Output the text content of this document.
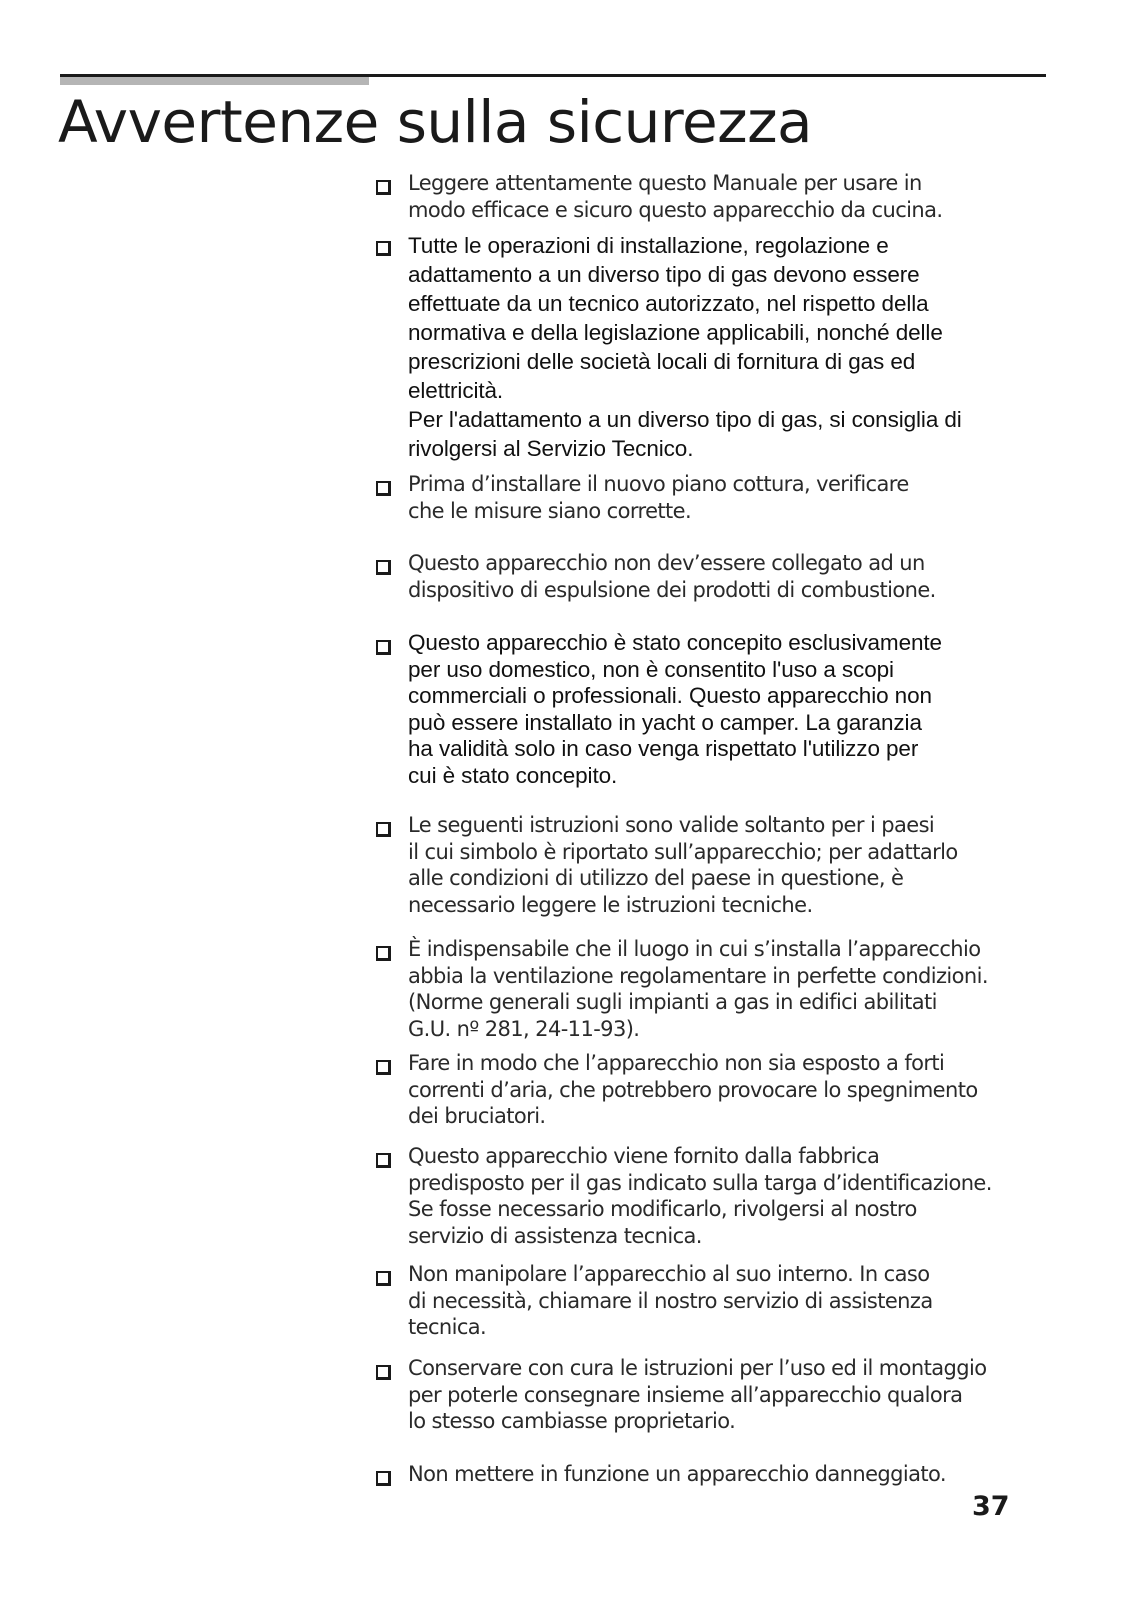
Avvertenze sulla sicurezza
Leggere attentamente questo Manuale per usare in
modo efficace e sicuro questo apparecchio da cucina.
Tutte le operazioni di installazione, regolazione e
adattamento a un diverso tipo di gas devono essere
effettuate da un tecnico autorizzato, nel rispetto della
normativa e della legislazione applicabili, nonché delle
prescrizioni delle società locali di fornitura di gas ed
elettricità.
Per l'adattamento a un diverso tipo di gas, si consiglia di
rivolgersi al Servizio Tecnico.
Prima d’installare il nuovo piano cottura, verificare
che le misure siano corrette.
Questo apparecchio non dev’essere collegato ad un
dispositivo di espulsione dei prodotti di combustione.
Questo apparecchio è stato concepito esclusivamente
per uso domestico, non è consentito l'uso a scopi
commerciali o professionali. Questo apparecchio non
può essere installato in yacht o camper. La garanzia
ha validità solo in caso venga rispettato l'utilizzo per
cui è stato concepito.
Le seguenti istruzioni sono valide soltanto per i paesi
il cui simbolo è riportato sull’apparecchio; per adattarlo
alle condizioni di utilizzo del paese in questione, è
necessario leggere le istruzioni tecniche.
È indispensabile che il luogo in cui s’installa l’apparecchio
abbia la ventilazione regolamentare in perfette condizioni.
(Norme generali sugli impianti a gas in edifici abilitati
G.U. nº 281, 24-11-93).
Fare in modo che l’apparecchio non sia esposto a forti
correnti d’aria, che potrebbero provocare lo spegnimento
dei bruciatori.
Questo apparecchio viene fornito dalla fabbrica
predisposto per il gas indicato sulla targa d’identificazione.
Se fosse necessario modificarlo, rivolgersi al nostro
servizio di assistenza tecnica.
Non manipolare l’apparecchio al suo interno. In caso
di necessità, chiamare il nostro servizio di assistenza
tecnica.
Conservare con cura le istruzioni per l’uso ed il montaggio
per poterle consegnare insieme all’apparecchio qualora
lo stesso cambiasse proprietario.
Non mettere in funzione un apparecchio danneggiato.
37
